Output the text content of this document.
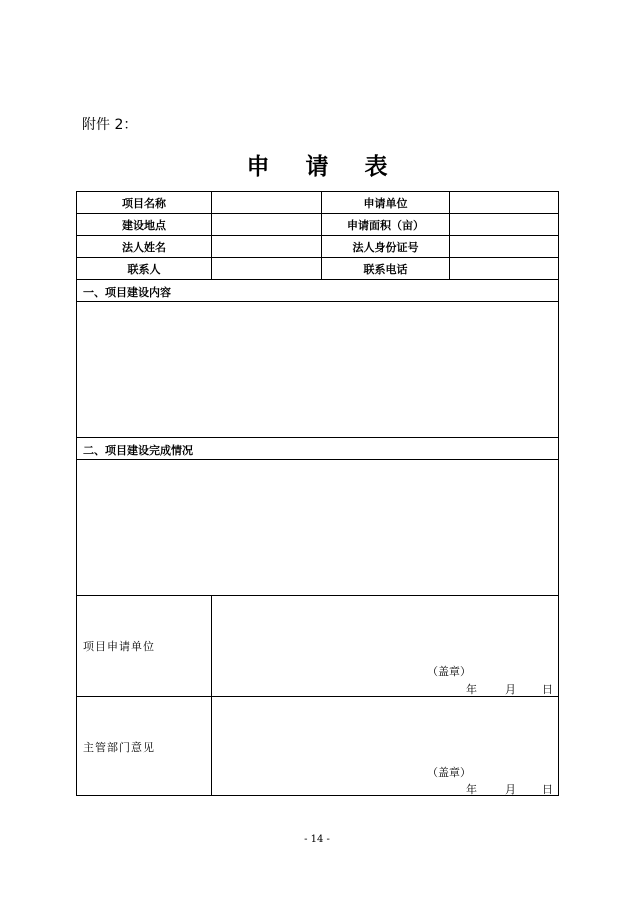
附件 2：
申 请 表
项目名称	申请单位
建设地点	申请面积（亩）
法人姓名	法人身份证号
联系人	联系电话
一、项目建设内容
二、项目建设完成情况
项目申请单位
（盖章）
年	月 日
主管部门意见
（盖章）
年	月 日
- 14 -
